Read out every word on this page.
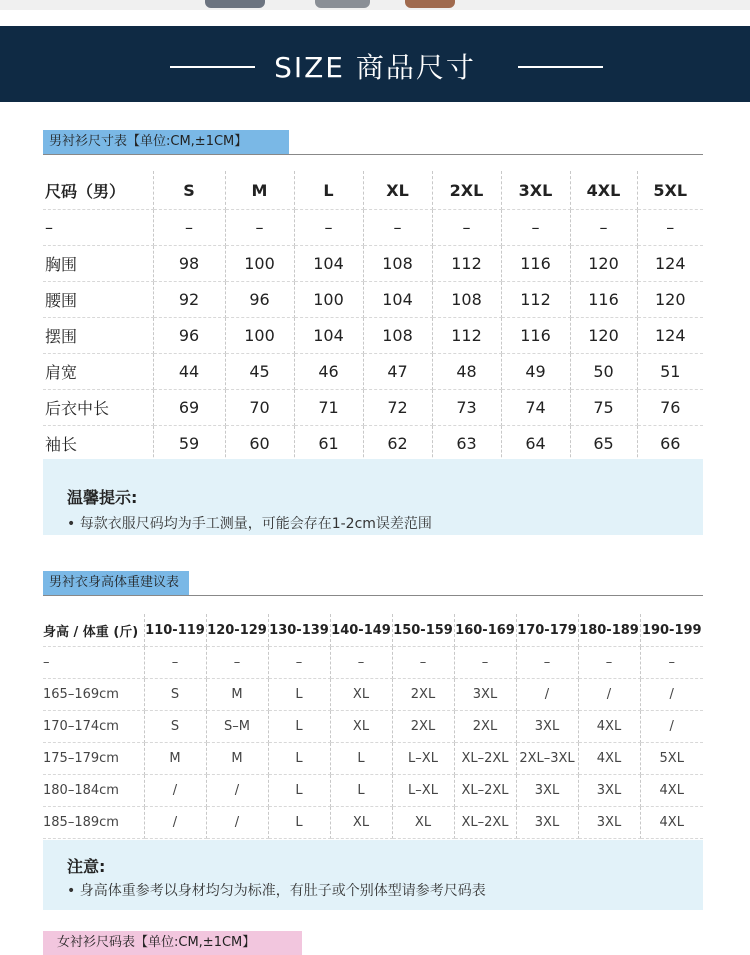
SIZE 商品尺寸
男衬衫尺寸表【单位:CM,±1CM】
尺码（男）	S	M	L	XL	2XL	3XL	4XL	5XL
–	–	–	–	–	–	–	–	–
胸围	98	100	104	108	112	116	120	124
腰围	92	96	100	104	108	112	116	120
摆围	96	100	104	108	112	116	120	124
肩宽	44	45	46	47	48	49	50	51
后衣中长	69	70	71	72	73	74	75	76
袖长	59	60	61	62	63	64	65	66
温馨提示:
• 每款衣服尺码均为手工测量，可能会存在1-2cm误差范围
男衬衣身高体重建议表
身高 / 体重 (斤)	110-119	120-129	130-139	140-149	150-159	160-169	170-179	180-189	190-199
–	–	–	–	–	–	–	–	–	–
165–169cm	S	M	L	XL	2XL	3XL	/	/	/
170–174cm	S	S–M	L	XL	2XL	2XL	3XL	4XL	/
175–179cm	M	M	L	L	L–XL	XL–2XL	2XL–3XL	4XL	5XL
180–184cm	/	/	L	L	L–XL	XL–2XL	3XL	3XL	4XL
185–189cm	/	/	L	XL	XL	XL–2XL	3XL	3XL	4XL
注意:
• 身高体重参考以身材均匀为标准，有肚子或个别体型请参考尺码表
女衬衫尺码表【单位:CM,±1CM】
